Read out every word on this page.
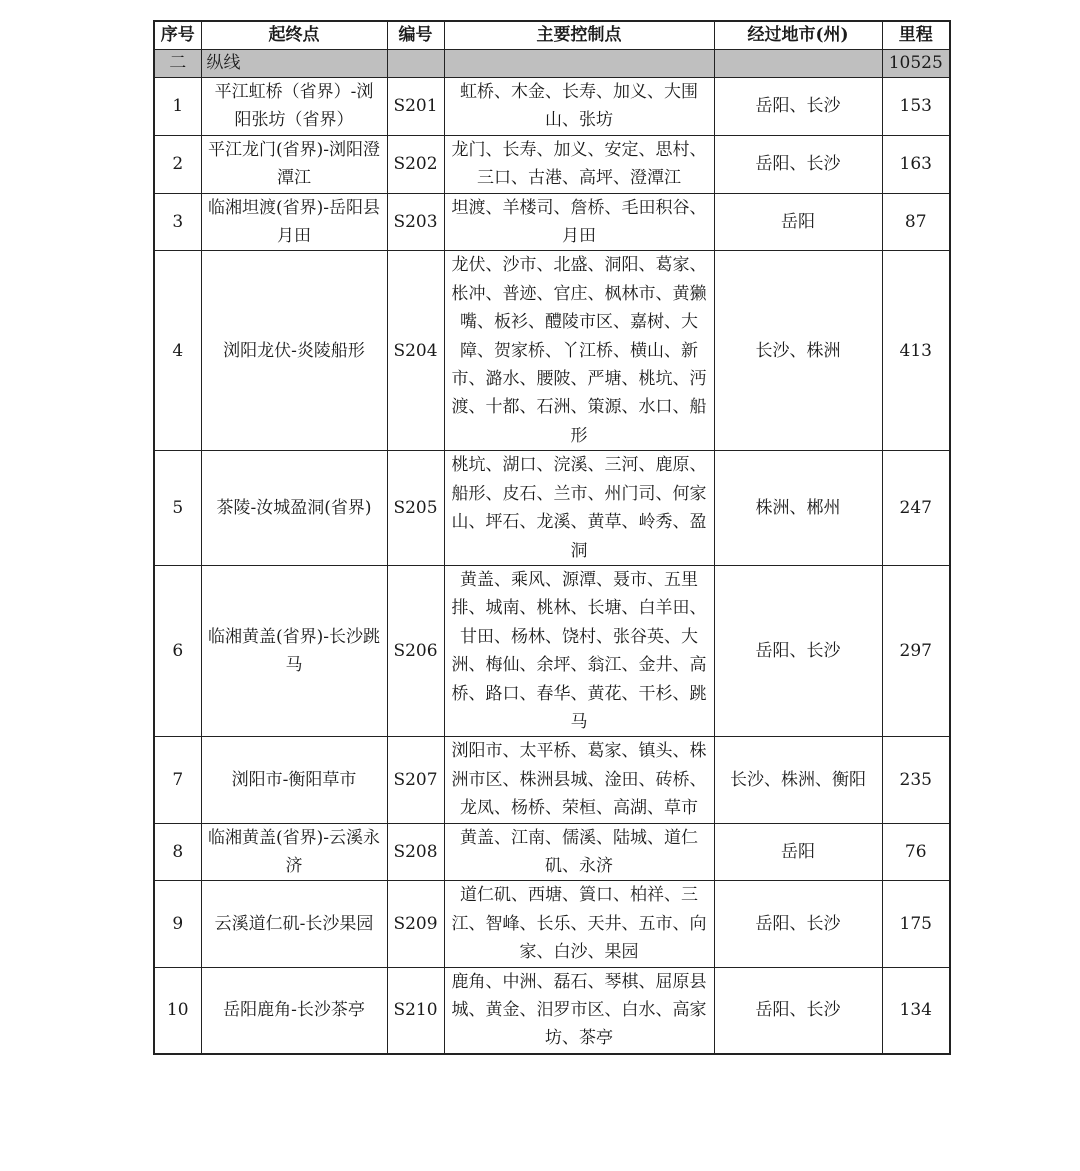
序号	起终点	编号	主要控制点	经过地市(州)	里程
二	纵线				10525
1	平江虹桥（省界）-浏阳张坊（省界）	S201	虹桥、木金、长寿、加义、大围山、张坊	岳阳、长沙	153
2	平江龙门(省界)-浏阳澄潭江	S202	龙门、长寿、加义、安定、思村、三口、古港、高坪、澄潭江	岳阳、长沙	163
3	临湘坦渡(省界)-岳阳县月田	S203	坦渡、羊楼司、詹桥、毛田积谷、月田	岳阳	87
4	浏阳龙伏-炎陵船形	S204	龙伏、沙市、北盛、洞阳、葛家、枨冲、普迹、官庄、枫林市、黄獭嘴、板衫、醴陵市区、嘉树、大障、贺家桥、丫江桥、横山、新市、潞水、腰陂、严塘、桃坑、沔渡、十都、石洲、策源、水口、船形	长沙、株洲	413
5	茶陵-汝城盈洞(省界)	S205	桃坑、湖口、浣溪、三河、鹿原、船形、皮石、兰市、州门司、何家山、坪石、龙溪、黄草、岭秀、盈洞	株洲、郴州	247
6	临湘黄盖(省界)-长沙跳马	S206	黄盖、乘风、源潭、聂市、五里排、城南、桃林、长塘、白羊田、甘田、杨林、饶村、张谷英、大洲、梅仙、余坪、翁江、金井、高桥、路口、春华、黄花、干杉、跳马	岳阳、长沙	297
7	浏阳市-衡阳草市	S207	浏阳市、太平桥、葛家、镇头、株洲市区、株洲县城、淦田、砖桥、龙凤、杨桥、荣桓、高湖、草市	长沙、株洲、衡阳	235
8	临湘黄盖(省界)-云溪永济	S208	黄盖、江南、儒溪、陆城、道仁矶、永济	岳阳	76
9	云溪道仁矶-长沙果园	S209	道仁矶、西塘、篢口、柏祥、三江、智峰、长乐、天井、五市、向家、白沙、果园	岳阳、长沙	175
10	岳阳鹿角-长沙茶亭	S210	鹿角、中洲、磊石、琴棋、屈原县城、黄金、汨罗市区、白水、高家坊、茶亭	岳阳、长沙	134
